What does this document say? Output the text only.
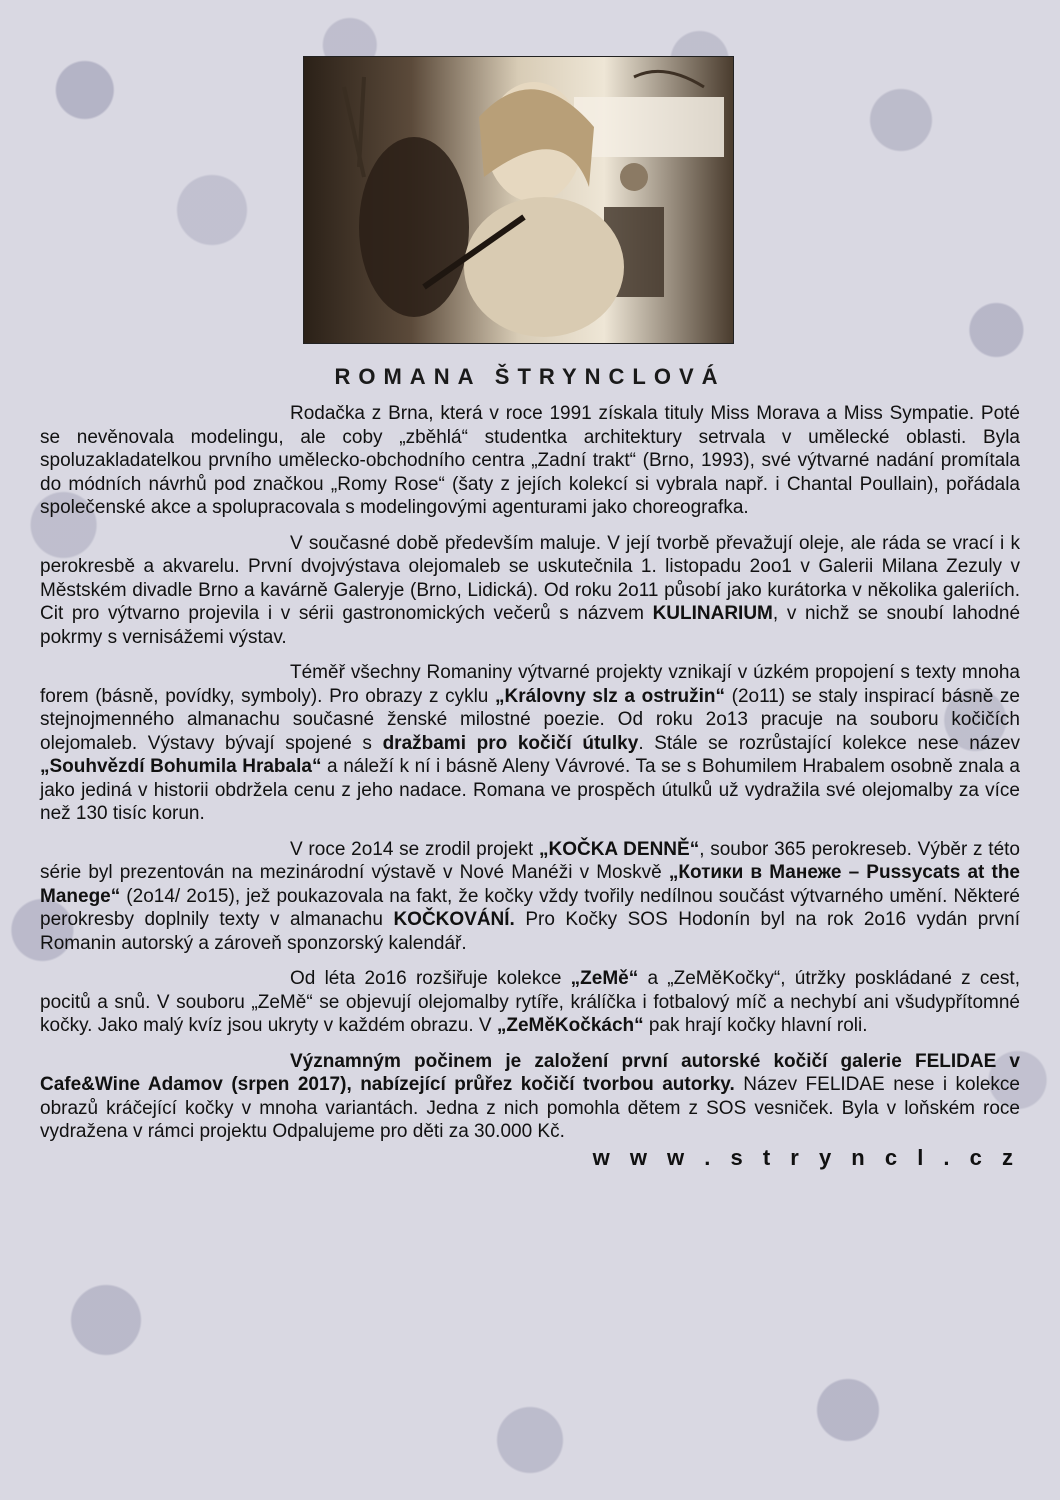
ROMANA ŠTRYNCLOVÁ

Rodačka z Brna, která v roce 1991 získala tituly Miss Morava a Miss Sympatie. Poté se nevěnovala modelingu, ale coby „zběhlá“ studentka architektury setrvala v umělecké oblasti. Byla spoluzakladatelkou prvního umělecko-obchodního centra „Zadní trakt“ (Brno, 1993), své výtvarné nadání promítala do módních návrhů pod značkou „Romy Rose“ (šaty z jejích kolekcí si vybrala např. i Chantal Poullain), pořádala společenské akce a spolupracovala s modelingovými agenturami jako choreografka.

V současné době především maluje. V její tvorbě převažují oleje, ale ráda se vrací i k perokresbě a akvarelu. První dvojvýstava olejomaleb se uskutečnila 1. listopadu 2oo1 v Galerii Milana Zezuly v Městském divadle Brno a kavárně Galeryje (Brno, Lidická). Od roku 2o11 působí jako kurátorka v několika galeriích. Cit pro výtvarno projevila i v sérii gastronomických večerů s názvem KULINARIUM, v nichž se snoubí lahodné pokrmy s vernisážemi výstav.

Téměř všechny Romaniny výtvarné projekty vznikají v úzkém propojení s texty mnoha forem (básně, povídky, symboly). Pro obrazy z cyklu „Královny slz a ostružin“ (2o11) se staly inspirací básně ze stejnojmenného almanachu současné ženské milostné poezie. Od roku 2o13 pracuje na souboru kočičích olejomaleb. Výstavy bývají spojené s dražbami pro kočičí útulky. Stále se rozrůstající kolekce nese název „Souhvězdí Bohumila Hrabala“ a náleží k ní i básně Aleny Vávrové. Ta se s Bohumilem Hrabalem osobně znala a jako jediná v historii obdržela cenu z jeho nadace. Romana ve prospěch útulků už vydražila své olejomalby za více než 130 tisíc korun.

V roce 2o14 se zrodil projekt „KOČKA DENNĚ“, soubor 365 perokreseb. Výběr z této série byl prezentován na mezinárodní výstavě v Nové Manéži v Moskvě „Котики в Манеже – Pussycats at the Manege“ (2o14/ 2o15), jež poukazovala na fakt, že kočky vždy tvořily nedílnou součást výtvarného umění. Některé perokresby doplnily texty v almanachu KOČKOVÁNÍ. Pro Kočky SOS Hodonín byl na rok 2o16 vydán první Romanin autorský a zároveň sponzorský kalendář.

Od léta 2o16 rozšiřuje kolekce „ZeMě“ a „ZeMěKočky“, útržky poskládané z cest, pocitů a snů. V souboru „ZeMě“ se objevují olejomalby rytíře, králíčka i fotbalový míč a nechybí ani všudypřítomné kočky. Jako malý kvíz jsou ukryty v každém obrazu. V „ZeMěKočkách“ pak hrají kočky hlavní roli.

Významným počinem je založení první autorské kočičí galerie FELIDAE v Cafe&Wine Adamov (srpen 2017), nabízející průřez kočičí tvorbou autorky. Název FELIDAE nese i kolekce obrazů kráčející kočky v mnoha variantách. Jedna z nich pomohla dětem z SOS vesniček. Byla v loňském roce vydražena v rámci projektu Odpalujeme pro děti za 30.000 Kč.
w w w . s t r y n c l . c z
